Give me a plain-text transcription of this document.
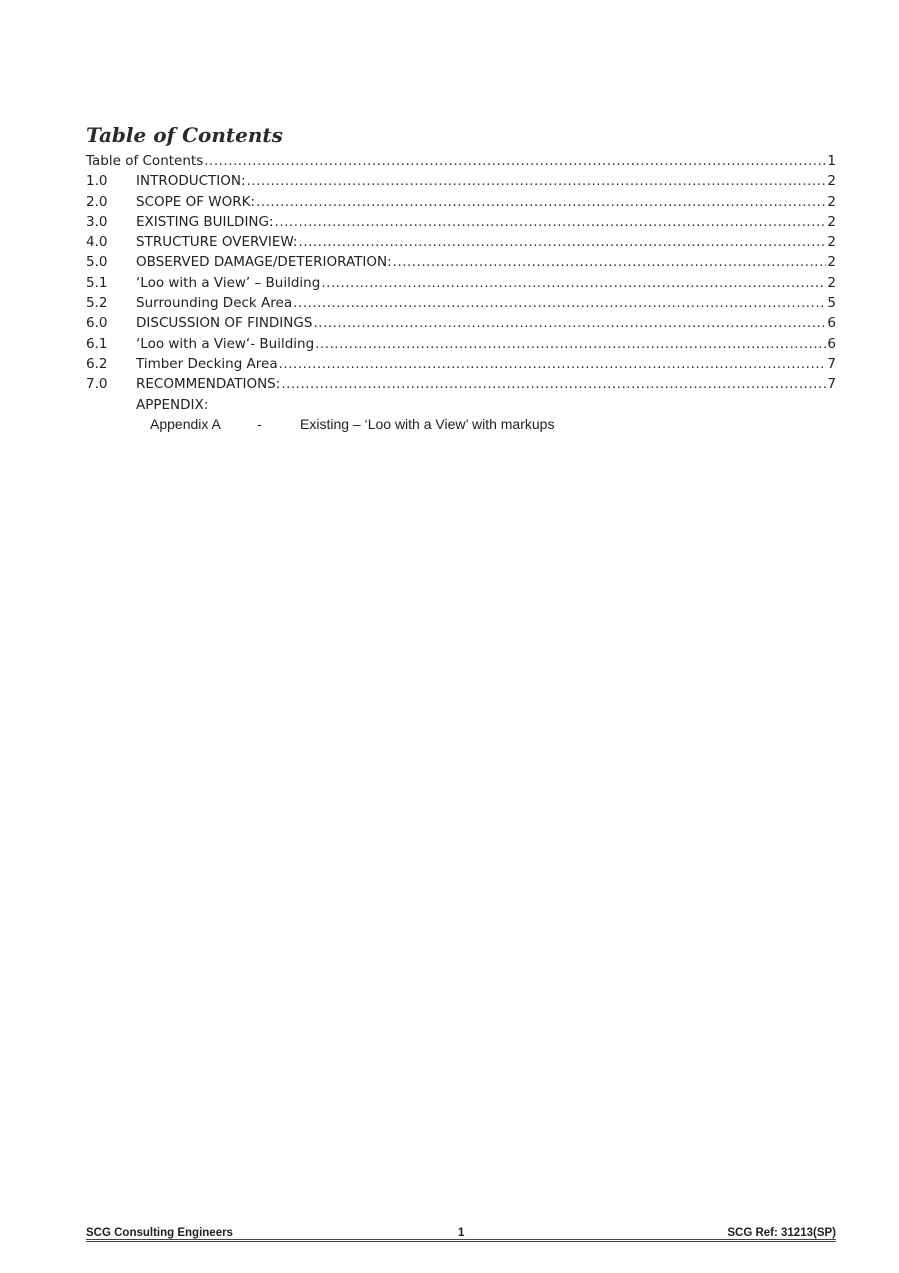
Table of Contents
Table of Contents .....	1
1.0	INTRODUCTION: .....	2
2.0	SCOPE OF WORK: .....	2
3.0	EXISTING BUILDING: .....	2
4.0	STRUCTURE OVERVIEW: .....	2
5.0	OBSERVED DAMAGE/DETERIORATION: .....	2
5.1	‘Loo with a View’ – Building .....	2
5.2	Surrounding Deck Area .....	5
6.0	DISCUSSION OF FINDINGS .....	6
6.1	‘Loo with a View‘- Building .....	6
6.2	Timber Decking Area .....	7
7.0	RECOMMENDATIONS: .....	7
APPENDIX:
Appendix A	-	Existing – ‘Loo with a View’ with markups
SCG Consulting Engineers	1	SCG Ref: 31213(SP)
